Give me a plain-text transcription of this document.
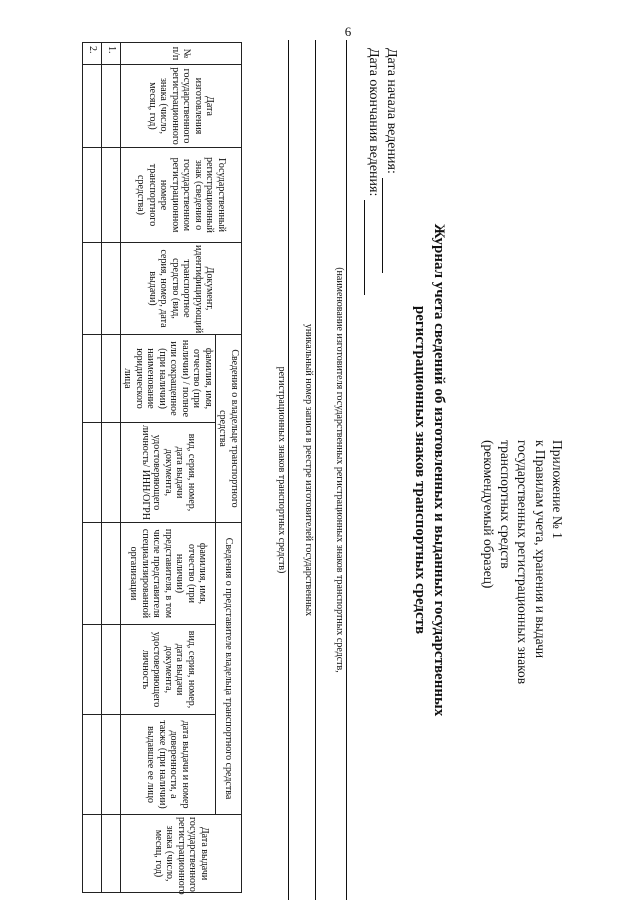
6
Приложение № 1
к Правилам учета, хранения и выдачи
государственных регистрационных знаков
транспортных средств
(рекомендуемый образец)
Журнал учета сведений об изготовленных и выданных государственных
регистрационных знаков транспортных средств
Дата начала ведения:
Дата окончания ведения:
(наименование изготовителя государственных регистрационных знаков транспортных средств,
уникальный номер записи в реестре изготовителей государственных
регистрационных знаков транспортных средств)
№ п/п	Дата изготовления государственного регистрационного знака (число, месяц, год)	Государственный регистрационный знак (сведения о государственном регистрационном номере транспортного средства)	Документ, идентифицирующий транспортное средство (вид, серия, номер, дата выдачи)	Сведения о владельце транспортного средства		Сведения о представителе владельца транспортного средства			Дата выдачи государственного регистрационного знака (число, месяц, год)
				фамилия, имя, отчество (при наличии) / полное или сокращенное (при наличии) наименование юридического лица	вид, серия, номер, дата выдачи документа, удостоверяющего личность/ ИНН/ОГРН	фамилия, имя, отчество (при наличии) представителя, в том числе представителя специализированной организации	вид, серия, номер, дата выдачи документа, удостоверяющего личность	дата выдачи и номер доверенности, а также (при наличии) выдавшее ее лицо	
1.									
2.									
